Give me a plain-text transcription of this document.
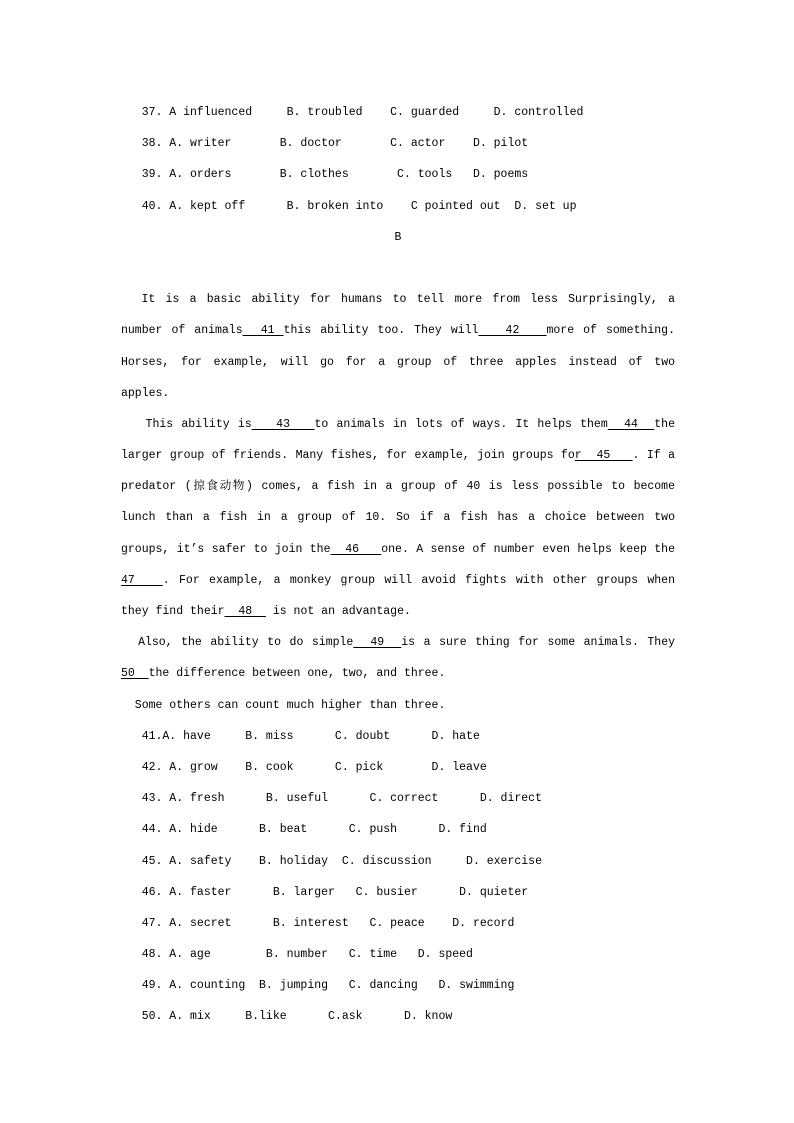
37. A influenced     B. troubled    C. guarded     D. controlled
38. A. writer       B. doctor       C. actor    D. pilot
39. A. orders       B. clothes       C. tools   D. poems
40. A. kept off      B. broken into    C pointed out  D. set up
B
It is a basic ability for humans to tell more from less Surprisingly, a
number of animals  41 this ability too. They will   42   more of something.
Horses, for example, will go for a group of three apples instead of two
apples.
This ability is   43   to animals in lots of ways. It helps them  44  the
larger group of friends. Many fishes, for example, join groups for  45   . If a
predator (掠食动物) comes, a fish in a group of 40 is less possible to become
lunch than a fish in a group of 10. So if a fish has a choice between two
groups, it’s safer to join the  46   one. A sense of number even helps keep the
47   . For example, a monkey group will avoid fights with other groups when
they find their  48   is not an advantage.
Also, the ability to do simple  49  is a sure thing for some animals. They
50  the difference between one, two, and three.
Some others can count much higher than three.
41.A. have     B. miss      C. doubt      D. hate
42. A. grow    B. cook      C. pick       D. leave
43. A. fresh      B. useful      C. correct      D. direct
44. A. hide      B. beat      C. push      D. find
45. A. safety    B. holiday  C. discussion     D. exercise
46. A. faster      B. larger   C. busier      D. quieter
47. A. secret      B. interest   C. peace    D. record
48. A. age        B. number   C. time   D. speed
49. A. counting  B. jumping   C. dancing   D. swimming
50. A. mix     B.like      C.ask      D. know
